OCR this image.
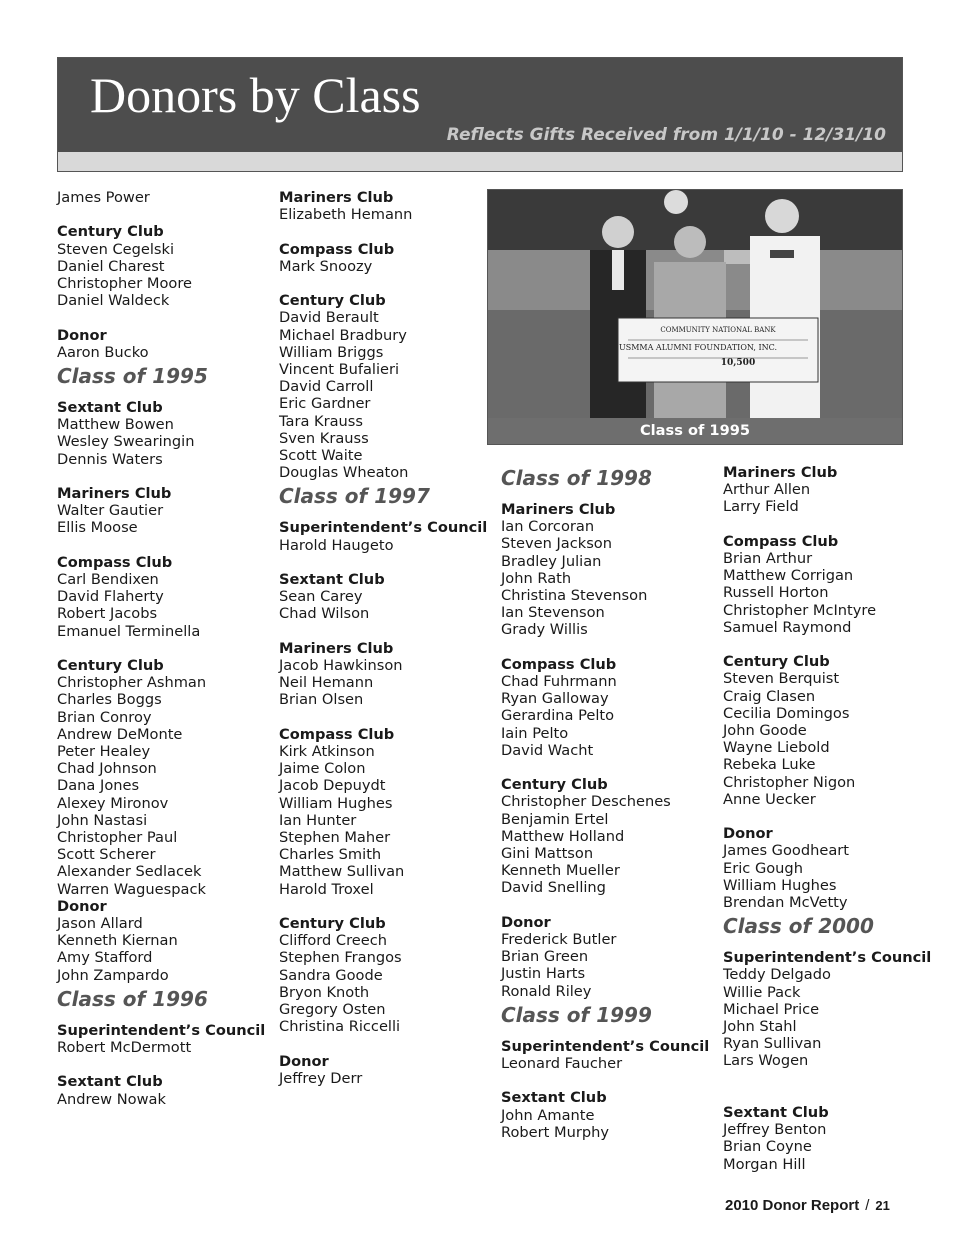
Donors by Class
Reflects Gifts Received from 1/1/10 - 12/31/10
James Power
Century Club
Steven Cegelski
Daniel Charest
Christopher Moore
Daniel Waldeck
Donor
Aaron Bucko
Class of 1995
Sextant Club
Matthew Bowen
Wesley Swearingin
Dennis Waters
Mariners Club
Walter Gautier
Ellis Moose
Compass Club
Carl Bendixen
David Flaherty
Robert Jacobs
Emanuel Terminella
Century Club
Christopher Ashman
Charles Boggs
Brian Conroy
Andrew DeMonte
Peter Healey
Chad Johnson
Dana Jones
Alexey Mironov
John Nastasi
Christopher Paul
Scott Scherer
Alexander Sedlacek
Warren Waguespack
Donor
Jason Allard
Kenneth Kiernan
Amy Stafford
John Zampardo
Class of 1996
Superintendent’s Council
Robert McDermott
Sextant Club
Andrew Nowak
Mariners Club
Elizabeth Hemann
Compass Club
Mark Snoozy
Century Club
David Berault
Michael Bradbury
William Briggs
Vincent Bufalieri
David Carroll
Eric Gardner
Tara Krauss
Sven Krauss
Scott Waite
Douglas Wheaton
Class of 1997
Superintendent’s Council
Harold Haugeto
Sextant Club
Sean Carey
Chad Wilson
Mariners Club
Jacob Hawkinson
Neil Hemann
Brian Olsen
Compass Club
Kirk Atkinson
Jaime Colon
Jacob Depuydt
William Hughes
Ian Hunter
Stephen Maher
Charles Smith
Matthew Sullivan
Harold Troxel
Century Club
Clifford Creech
Stephen Frangos
Sandra Goode
Bryon Knoth
Gregory Osten
Christina Riccelli
Donor
Jeffrey Derr
COMMUNITY NATIONAL BANK
USMMA ALUMNI FOUNDATION, INC.
10,500
Class of 1995
Class of 1998
Mariners Club
Ian Corcoran
Steven Jackson
Bradley Julian
John Rath
Christina Stevenson
Ian Stevenson
Grady Willis
Compass Club
Chad Fuhrmann
Ryan Galloway
Gerardina Pelto
Iain Pelto
David Wacht
Century Club
Christopher Deschenes
Benjamin Ertel
Matthew Holland
Gini Mattson
Kenneth Mueller
David Snelling
Donor
Frederick Butler
Brian Green
Justin Harts
Ronald Riley
Class of 1999
Superintendent’s Council
Leonard Faucher
Sextant Club
John Amante
Robert Murphy
Mariners Club
Arthur Allen
Larry Field
Compass Club
Brian Arthur
Matthew Corrigan
Russell Horton
Christopher McIntyre
Samuel Raymond
Century Club
Steven Berquist
Craig Clasen
Cecilia Domingos
John Goode
Wayne Liebold
Rebeka Luke
Christopher Nigon
Anne Uecker
Donor
James Goodheart
Eric Gough
William Hughes
Brendan McVetty
Class of 2000
Superintendent’s Council
Teddy Delgado
Willie Pack
Michael Price
John Stahl
Ryan Sullivan
Lars Wogen
Sextant Club
Jeffrey Benton
Brian Coyne
Morgan Hill
2010 Donor Report / 21
